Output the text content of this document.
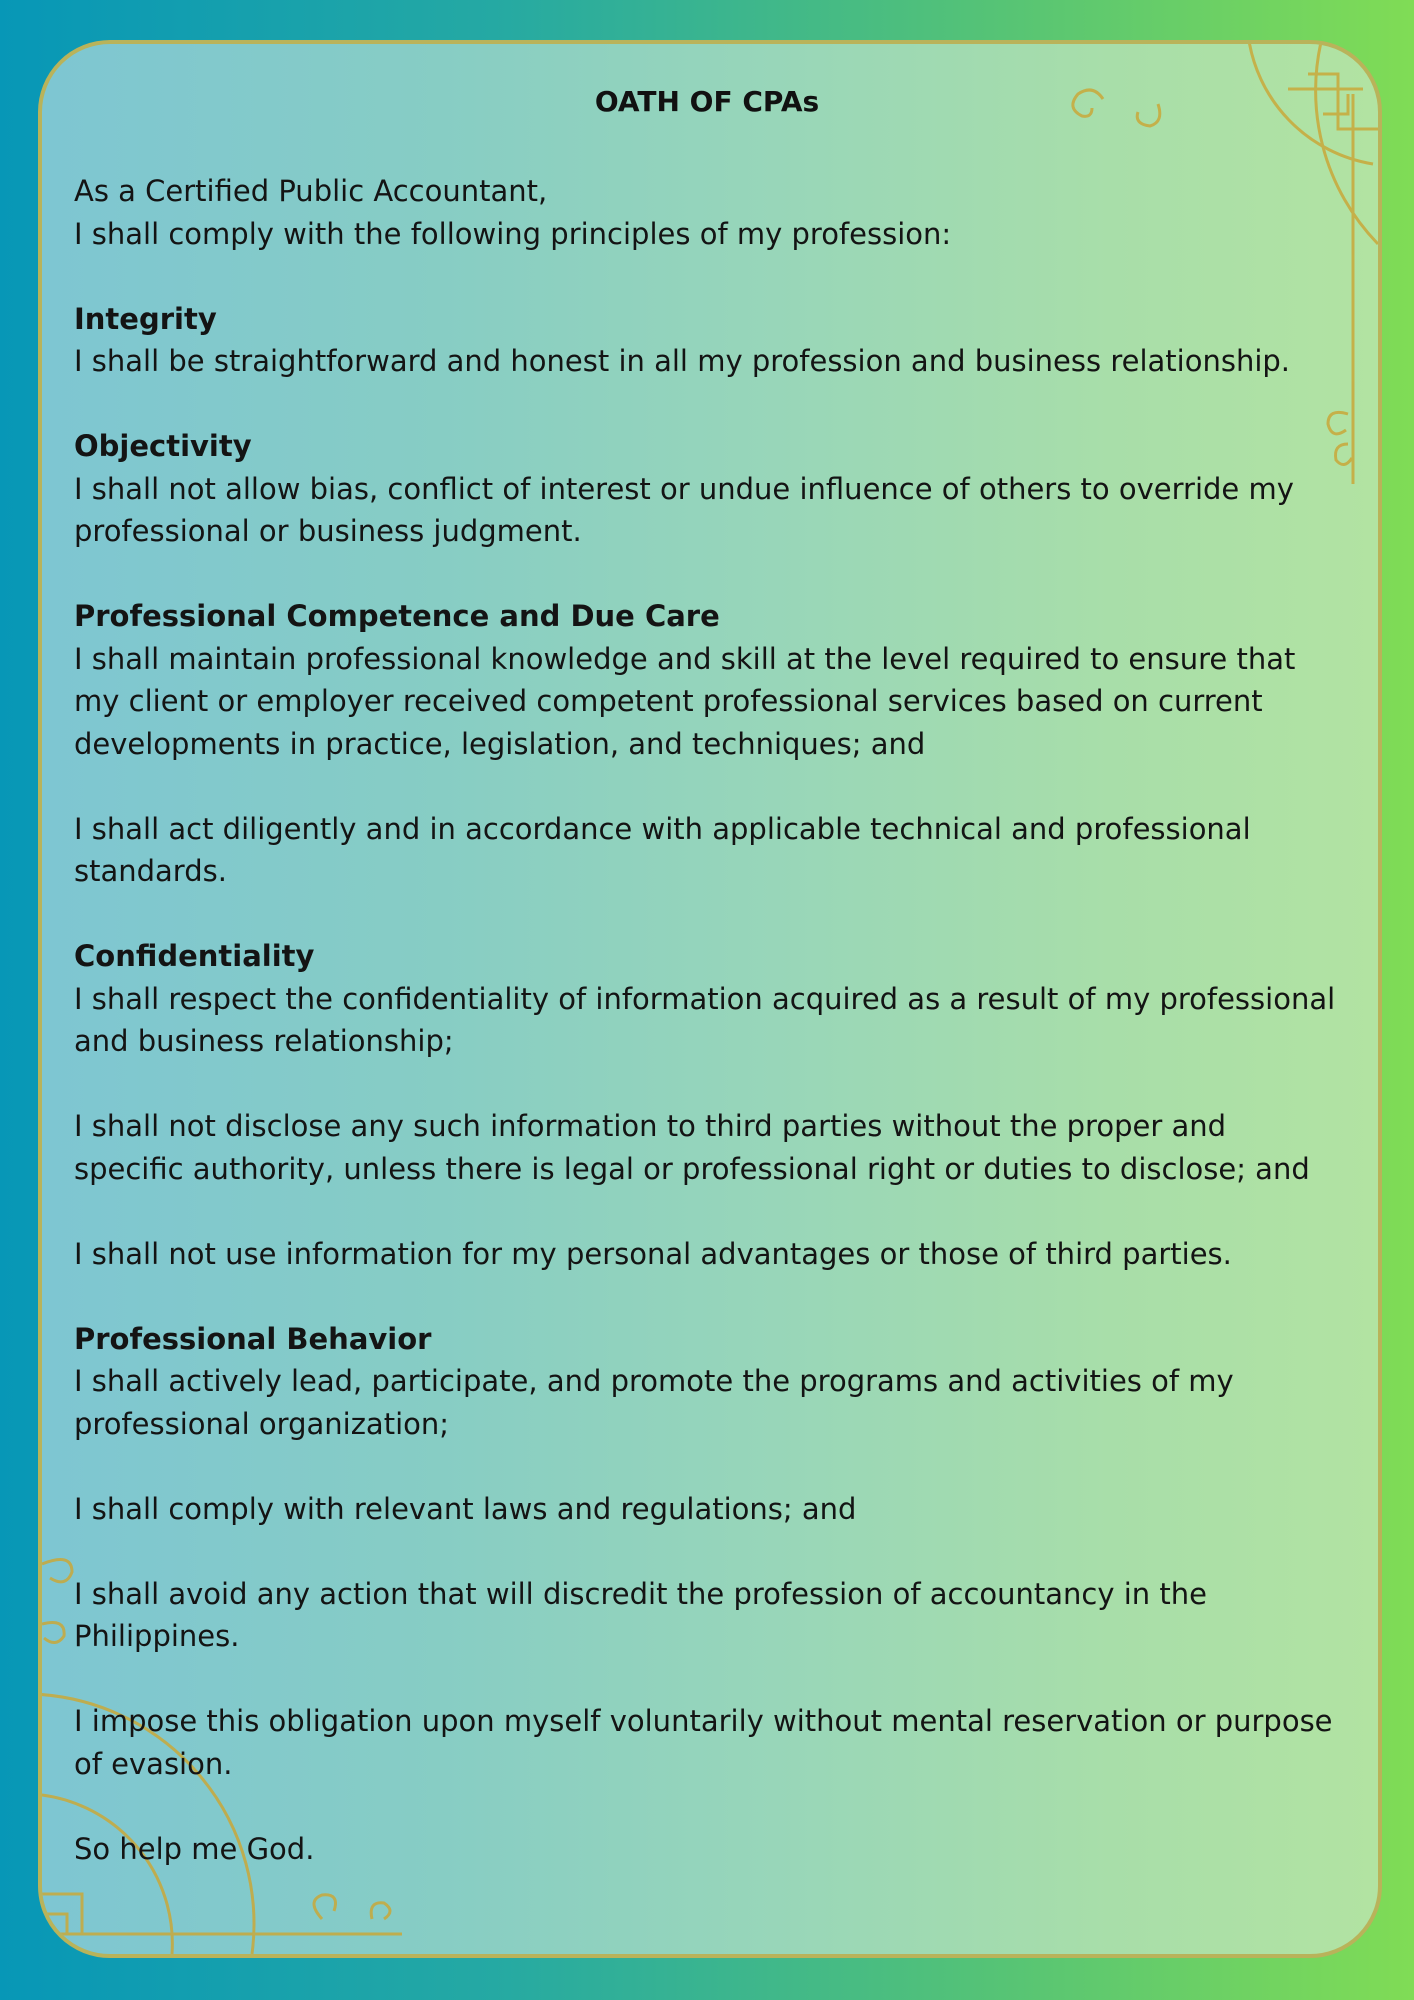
OATH OF CPAs

As a Certified Public Accountant,
I shall comply with the following principles of my profession:

Integrity
I shall be straightforward and honest in all my profession and business relationship.

Objectivity
I shall not allow bias, conflict of interest or undue influence of others to override my professional or business judgment.

Professional Competence and Due Care
I shall maintain professional knowledge and skill at the level required to ensure that my client or employer received competent professional services based on current developments in practice, legislation, and techniques; and

I shall act diligently and in accordance with applicable technical and professional standards.

Confidentiality
I shall respect the confidentiality of information acquired as a result of my professional and business relationship;

I shall not disclose any such information to third parties without the proper and specific authority, unless there is legal or professional right or duties to disclose; and

I shall not use information for my personal advantages or those of third parties.

Professional Behavior
I shall actively lead, participate, and promote the programs and activities of my professional organization;

I shall comply with relevant laws and regulations; and

I shall avoid any action that will discredit the profession of accountancy in the Philippines.

I impose this obligation upon myself voluntarily without mental reservation or purpose of evasion.

So help me God.
